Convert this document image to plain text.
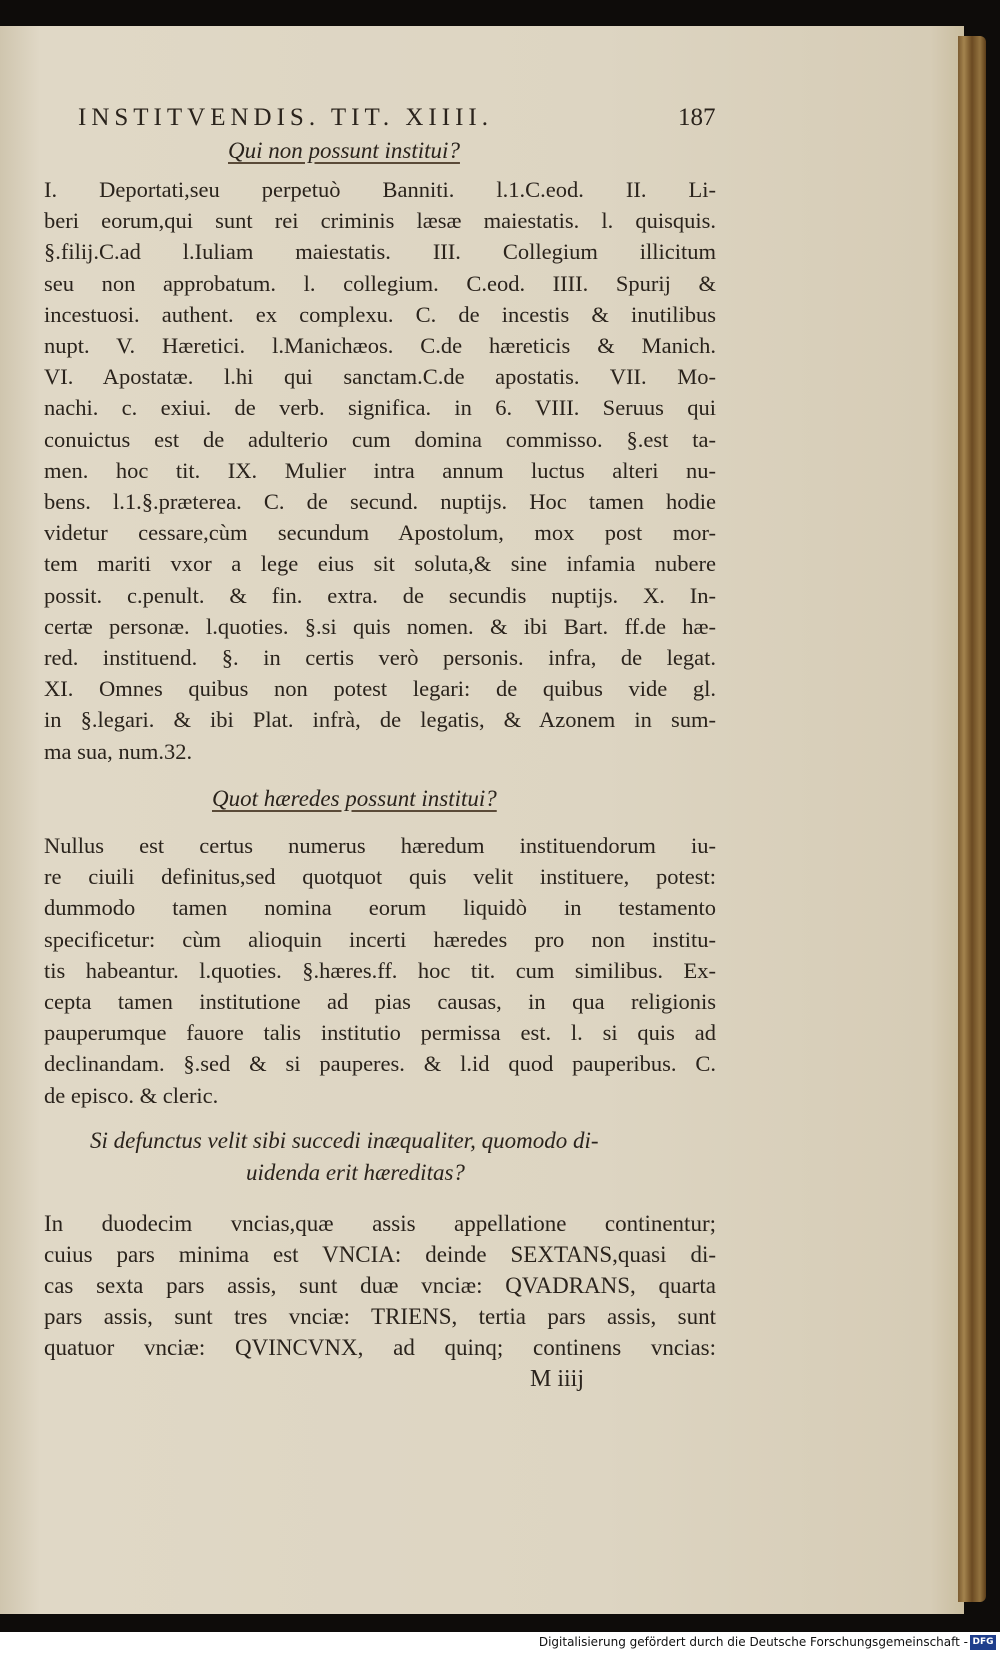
INSTITVENDIS. TIT. XIIII.	187
Qui non possunt institui?
I. Deportati,seu perpetuò Banniti. l.1.C.eod. II. Li-
beri eorum,qui sunt rei criminis læsæ maiestatis. l. quisquis.
§.filij.C.ad l.Iuliam maiestatis. III. Collegium illicitum
seu non approbatum. l. collegium. C.eod. IIII. Spurij &
incestuosi. authent. ex complexu. C. de incestis & inutilibus
nupt. V. Hæretici. l.Manichæos. C.de hæreticis & Manich.
VI. Apostatæ. l.hi qui sanctam.C.de apostatis. VII. Mo-
nachi. c. exiui. de verb. significa. in 6. VIII. Seruus qui
conuictus est de adulterio cum domina commisso. §.est ta-
men. hoc tit. IX. Mulier intra annum luctus alteri nu-
bens. l.1.§.præterea. C. de secund. nuptijs. Hoc tamen hodie
videtur cessare,cùm secundum Apostolum, mox post mor-
tem mariti vxor a lege eius sit soluta,& sine infamia nubere
possit. c.penult. & fin. extra. de secundis nuptijs. X. In-
certæ personæ. l.quoties. §.si quis nomen. & ibi Bart. ff.de hæ-
red. instituend. §. in certis verò personis. infra, de legat.
XI. Omnes quibus non potest legari: de quibus vide gl.
in §.legari. & ibi Plat. infrà, de legatis, & Azonem in sum-
ma sua, num.32.
Quot hæredes possunt institui?
Nullus est certus numerus hæredum instituendorum iu-
re ciuili definitus,sed quotquot quis velit instituere, potest:
dummodo tamen nomina eorum liquidò in testamento
specificetur: cùm alioquin incerti hæredes pro non institu-
tis habeantur. l.quoties. §.hæres.ff. hoc tit. cum similibus. Ex-
cepta tamen institutione ad pias causas, in qua religionis
pauperumque fauore talis institutio permissa est. l. si quis ad
declinandam. §.sed & si pauperes. & l.id quod pauperibus. C.
de episco. & cleric.
Si defunctus velit sibi succedi inæqualiter, quomodo di-
uidenda erit hæreditas?
In duodecim vncias,quæ assis appellatione continentur;
cuius pars minima est VNCIA: deinde SEXTANS,quasi di-
cas sexta pars assis, sunt duæ vnciæ: QVADRANS, quarta
pars assis, sunt tres vnciæ: TRIENS, tertia pars assis, sunt
quatuor vnciæ: QVINCVNX, ad quinq; continens vncias:
M iiij
Digitalisierung gefördert durch die Deutsche Forschungsgemeinschaft - DFG
